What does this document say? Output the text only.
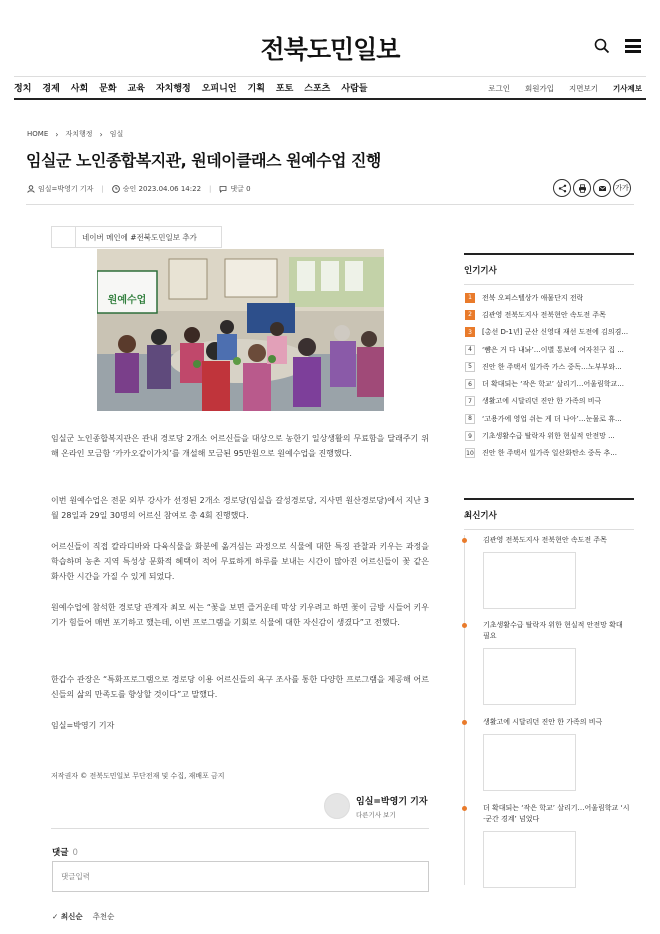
전북도민일보
정치 경제 사회 문화 교육 자치행정 오피니언 기획 포토 스포츠 사람들	로그인 회원가입 지면보기 기사제보
HOME › 자치행정 › 임실
임실군 노인종합복지관, 원데이클래스 원예수업 진행
임실=박영기 기자 |	승인 2023.04.06 14:22 |	댓글 0	가가
네이버 메인에 #전북도민일보 추가
원예수업

임실군 노인종합복지관은 관내 경로당 2개소 어르신들을 대상으로 농한기 일상생활의 무료함을 달래주기 위해 온라인 모금함 ‘카카오같이가치’를 개설해 모금된 95만원으로 원예수업을 진행했다.

이번 원예수업은 전문 외부 강사가 선정된 2개소 경로당(임실읍 갈성경로당, 지사면 원산경로당)에서 지난 3월 28일과 29일 30명의 어르신 참여로 총 4회 진행했다.

어르신들이 직접 칼라디바와 다육식물을 화분에 옮겨심는 과정으로 식물에 대한 특징 관찰과 키우는 과정을 학습하며 농촌 지역 특성상 문화적 혜택이 적어 무료하게 하루를 보내는 시간이 많아진 어르신들이 꽃 같은 화사한 시간을 가질 수 있게 되었다.

원예수업에 참석한 경로당 관계자 최모 씨는 “꽃을 보면 즐거운데 막상 키우려고 하면 꽃이 금방 시들어 키우기가 힘들어 매번 포기하고 했는데, 이번 프로그램을 기회로 식물에 대한 자신감이 생겼다”고 전했다.

한갑수 관장은 “특화프로그램으로 경로당 이용 어르신들의 욕구 조사를 통한 다양한 프로그램을 제공해 어르신들의 삶의 만족도를 향상할 것이다”고 말했다.

임실=박영기 기자

저작권자 © 전북도민일보 무단전재 및 수집, 재배포 금지
임실=박영기 기자
다른기사 보기
댓글 0
댓글입력
✓ 최신순 추천순
인기기사
1	전북 오피스텔상가 애물단지 전락
2	김관영 전북도지사 전북현안 속도전 주목
3	[총선 D-1년] 군산 신영대 재선 도전에 김의겸...
4	‘뺨은 거 다 내놔’…이별 통보에 여자친구 집 ...
5	진안 한 주택서 일가족 가스 중독…노부부와...
6	더 확대되는 ‘작은 학교’ 살리기…어울림학교...
7	생활고에 시달리던 진안 한 가족의 비극
8	‘고용가에 영업 쉬는 게 더 나아’…눈물로 휴...
9	기초생활수급 탈락자 위한 현실적 안전망 ...
10 진안 한 주택서 일가족 일산화탄소 중독 추...
최신기사
김관영 전북도지사 전북현안 속도전 주목
기초생활수급 탈락자 위한 현실적 안전망 확대 필요
생활고에 시달리던 진안 한 가족의 비극
더 확대되는 ‘작은 학교’ 살리기…어울림학교 ‘시·군간 경계’ 넘었다
